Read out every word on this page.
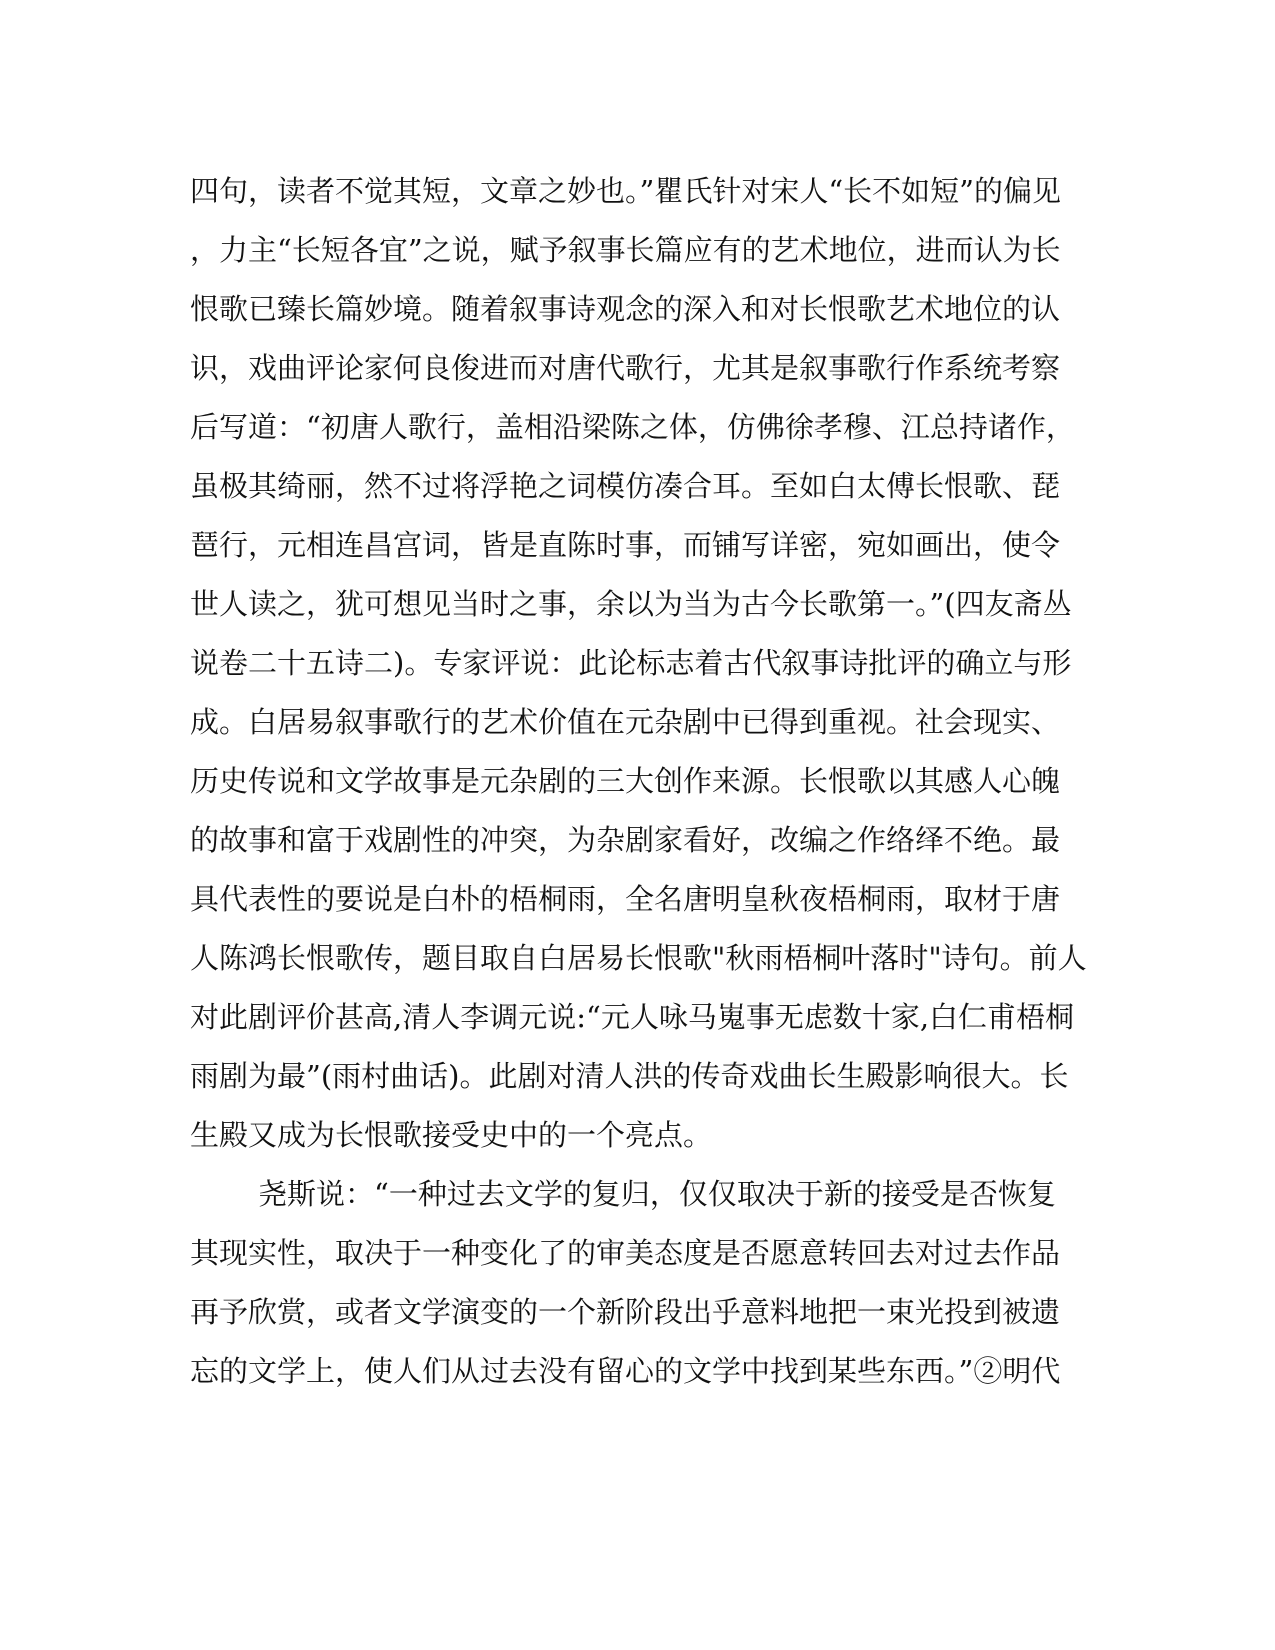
四句，读者不觉其短，文章之妙也。”瞿氏针对宋人“长不如短”的偏见
，力主“长短各宜”之说，赋予叙事长篇应有的艺术地位，进而认为长
恨歌已臻长篇妙境。随着叙事诗观念的深入和对长恨歌艺术地位的认
识，戏曲评论家何良俊进而对唐代歌行，尤其是叙事歌行作系统考察
后写道：“初唐人歌行，盖相沿梁陈之体，仿佛徐孝穆、江总持诸作，
虽极其绮丽，然不过将浮艳之词模仿凑合耳。至如白太傅长恨歌、琵
琶行，元相连昌宫词，皆是直陈时事，而铺写详密，宛如画出，使令
世人读之，犹可想见当时之事，余以为当为古今长歌第一。”(四友斋丛
说卷二十五诗二)。专家评说：此论标志着古代叙事诗批评的确立与形
成。白居易叙事歌行的艺术价值在元杂剧中已得到重视。社会现实、
历史传说和文学故事是元杂剧的三大创作来源。长恨歌以其感人心魄
的故事和富于戏剧性的冲突，为杂剧家看好，改编之作络绎不绝。最
具代表性的要说是白朴的梧桐雨，全名唐明皇秋夜梧桐雨，取材于唐
人陈鸿长恨歌传，题目取自白居易长恨歌"秋雨梧桐叶落时"诗句。前人
对此剧评价甚高,清人李调元说:“元人咏马嵬事无虑数十家,白仁甫梧桐
雨剧为最”(雨村曲话)。此剧对清人洪的传奇戏曲长生殿影响很大。长
生殿又成为长恨歌接受史中的一个亮点。
尧斯说：“一种过去文学的复归，仅仅取决于新的接受是否恢复
其现实性，取决于一种变化了的审美态度是否愿意转回去对过去作品
再予欣赏，或者文学演变的一个新阶段出乎意料地把一束光投到被遗
忘的文学上，使人们从过去没有留心的文学中找到某些东西。”②明代
